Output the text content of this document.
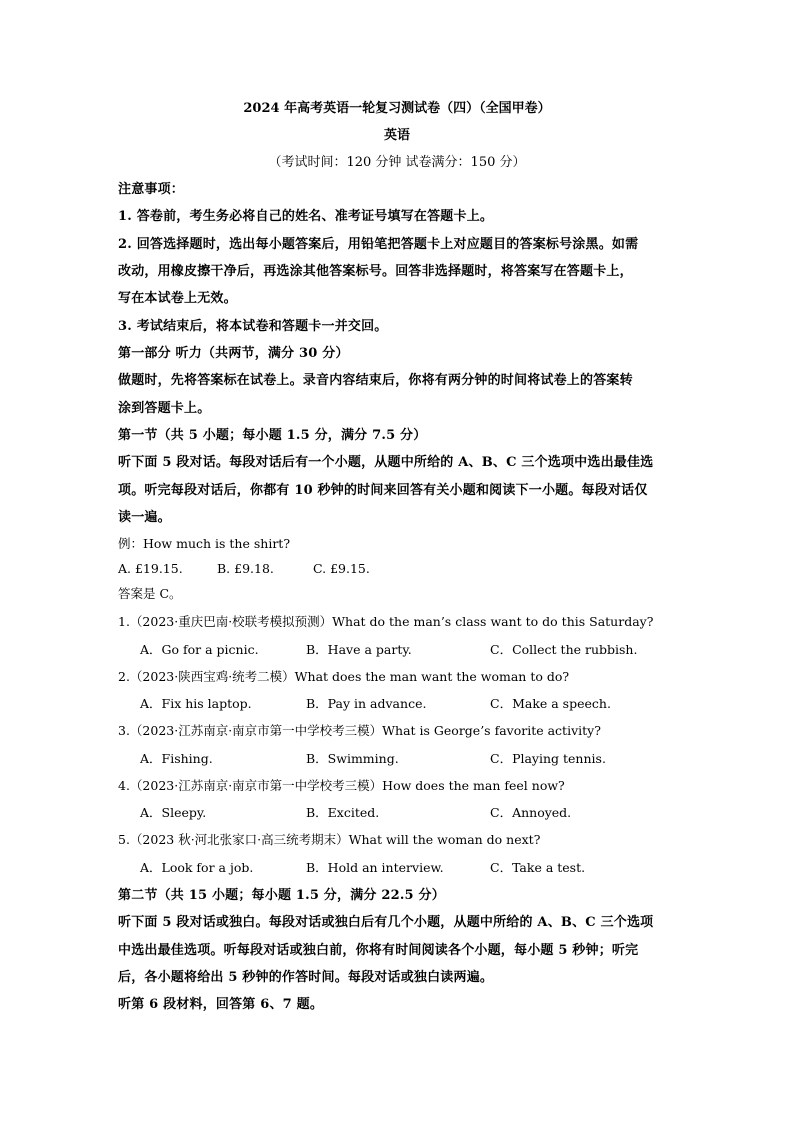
2024 年高考英语一轮复习测试卷（四）（全国甲卷）
英语
（考试时间：120 分钟 试卷满分：150 分）
注意事项：
1. 答卷前，考生务必将自己的姓名、准考证号填写在答题卡上。
2. 回答选择题时，选出每小题答案后，用铅笔把答题卡上对应题目的答案标号涂黑。如需
改动，用橡皮擦干净后，再选涂其他答案标号。回答非选择题时，将答案写在答题卡上，
写在本试卷上无效。
3. 考试结束后，将本试卷和答题卡一并交回。
第一部分 听力（共两节，满分 30 分）
做题时，先将答案标在试卷上。录音内容结束后，你将有两分钟的时间将试卷上的答案转
涂到答题卡上。
第一节（共 5 小题；每小题 1.5 分，满分 7.5 分）
听下面 5 段对话。每段对话后有一个小题，从题中所给的 A、B、C 三个选项中选出最佳选
项。听完每段对话后，你都有 10 秒钟的时间来回答有关小题和阅读下一小题。每段对话仅
读一遍。
例：How much is the shirt?
A. £19.15.	B. £9.18.	C. £9.15.
答案是 C。
1.（2023·重庆巴南·校联考模拟预测）What do the man’s class want to do this Saturday?
A．Go for a picnic.	B．Have a party.	C．Collect the rubbish.
2.（2023·陕西宝鸡·统考二模）What does the man want the woman to do?
A．Fix his laptop.	B．Pay in advance.	C．Make a speech.
3.（2023·江苏南京·南京市第一中学校考三模）What is George’s favorite activity?
A．Fishing.	B．Swimming.	C．Playing tennis.
4.（2023·江苏南京·南京市第一中学校考三模）How does the man feel now?
A．Sleepy.	B．Excited.	C．Annoyed.
5.（2023 秋·河北张家口·高三统考期末）What will the woman do next?
A．Look for a job.	B．Hold an interview.	C．Take a test.
第二节（共 15 小题；每小题 1.5 分，满分 22.5 分）
听下面 5 段对话或独白。每段对话或独白后有几个小题，从题中所给的 A、B、C 三个选项
中选出最佳选项。听每段对话或独白前，你将有时间阅读各个小题，每小题 5 秒钟；听完
后，各小题将给出 5 秒钟的作答时间。每段对话或独白读两遍。
听第 6 段材料，回答第 6、7 题。
